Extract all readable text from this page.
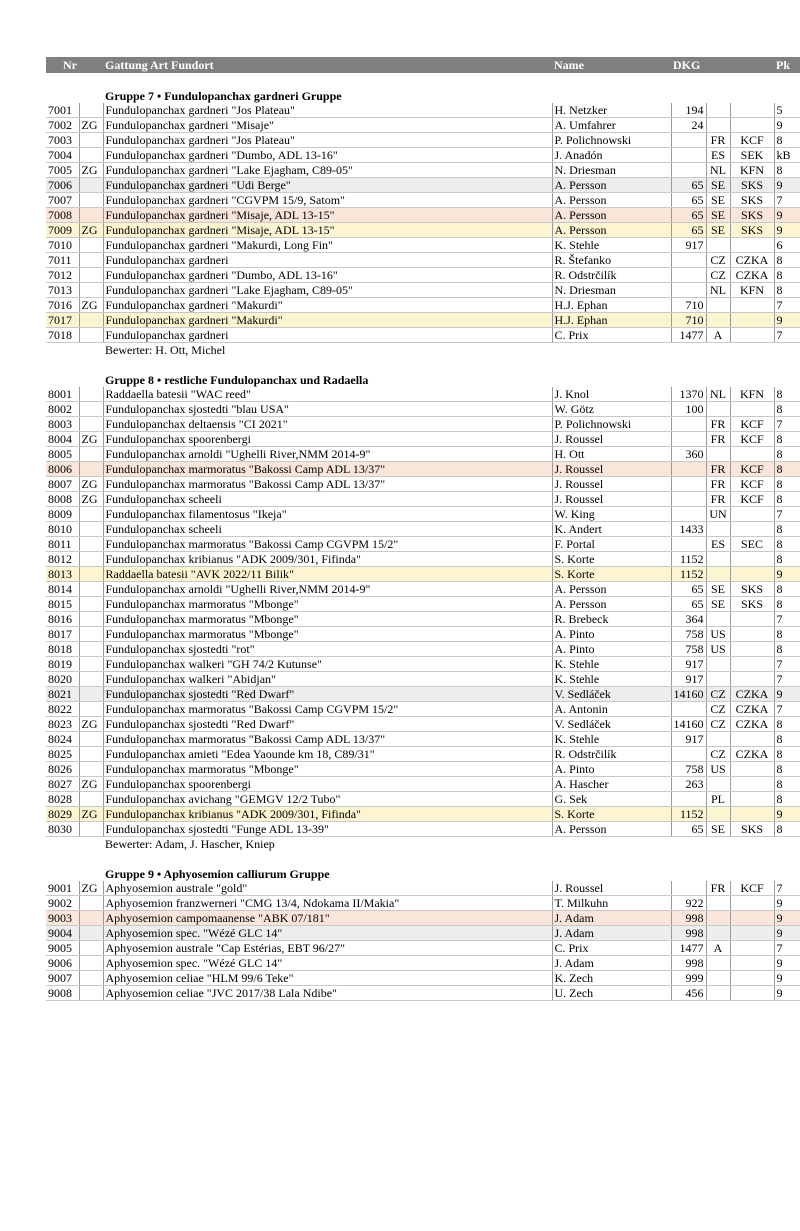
Nr		Gattung Art Fundort	Name	DKG			Pk

		Gruppe 7 • Fundulopanchax gardneri Gruppe					
7001		Fundulopanchax gardneri "Jos Plateau"	H. Netzker	194			5
7002	ZG	Fundulopanchax gardneri "Misaje"	A. Umfahrer	24			9
7003		Fundulopanchax gardneri "Jos Plateau"	P. Polichnowski		FR	KCF	8
7004		Fundulopanchax gardneri "Dumbo, ADL 13-16"	J. Anadón		ES	SEK	kB
7005	ZG	Fundulopanchax gardneri "Lake Ejagham, C89-05"	N. Driesman		NL	KFN	8
7006		Fundulopanchax gardneri "Udi Berge"	A. Persson	65	SE	SKS	9
7007		Fundulopanchax gardneri "CGVPM 15/9, Satom"	A. Persson	65	SE	SKS	7
7008		Fundulopanchax gardneri "Misaje, ADL 13-15"	A. Persson	65	SE	SKS	9
7009	ZG	Fundulopanchax gardneri "Misaje, ADL 13-15"	A. Persson	65	SE	SKS	9
7010		Fundulopanchax gardneri "Makurdi, Long Fin"	K. Stehle	917			6
7011		Fundulopanchax gardneri	R. Štefanko		CZ	CZKA	8
7012		Fundulopanchax gardneri "Dumbo, ADL 13-16"	R. Odstrčilík		CZ	CZKA	8
7013		Fundulopanchax gardneri "Lake Ejagham, C89-05"	N. Driesman		NL	KFN	8
7016	ZG	Fundulopanchax gardneri "Makurdi"	H.J. Ephan	710			7
7017		Fundulopanchax gardneri "Makurdi"	H.J. Ephan	710			9
7018		Fundulopanchax gardneri	C. Prix	1477	A		7
		Bewerter: H. Ott, Michel					

		Gruppe 8 • restliche Fundulopanchax und Radaella					
8001		Raddaella batesii "WAC reed"	J. Knol	1370	NL	KFN	8
8002		Fundulopanchax sjostedti "blau USA"	W. Götz	100			8
8003		Fundulopanchax deltaensis "CI 2021"	P. Polichnowski		FR	KCF	7
8004	ZG	Fundulopanchax spoorenbergi	J. Roussel		FR	KCF	8
8005		Fundulopanchax arnoldi "Ughelli River,NMM 2014-9"	H. Ott	360			8
8006		Fundulopanchax marmoratus "Bakossi Camp ADL 13/37"	J. Roussel		FR	KCF	8
8007	ZG	Fundulopanchax marmoratus "Bakossi Camp ADL 13/37"	J. Roussel		FR	KCF	8
8008	ZG	Fundulopanchax scheeli	J. Roussel		FR	KCF	8
8009		Fundulopanchax filamentosus "Ikeja"	W. King		UN		7
8010		Fundulopanchax scheeli	K. Andert	1433			8
8011		Fundulopanchax marmoratus "Bakossi Camp CGVPM 15/2"	F. Portal		ES	SEC	8
8012		Fundulopanchax kribianus "ADK 2009/301, Fifinda"	S. Korte	1152			8
8013		Raddaella batesii "AVK 2022/11 Bilik"	S. Korte	1152			9
8014		Fundulopanchax arnoldi "Ughelli River,NMM 2014-9"	A. Persson	65	SE	SKS	8
8015		Fundulopanchax marmoratus "Mbonge"	A. Persson	65	SE	SKS	8
8016		Fundulopanchax marmoratus "Mbonge"	R. Brebeck	364			7
8017		Fundulopanchax marmoratus "Mbonge"	A. Pinto	758	US		8
8018		Fundulopanchax sjostedti "rot"	A. Pinto	758	US		8
8019		Fundulopanchax walkeri "GH 74/2 Kutunse"	K. Stehle	917			7
8020		Fundulopanchax walkeri "Abidjan"	K. Stehle	917			7
8021		Fundulopanchax sjostedti "Red Dwarf"	V. Sedláček	14160	CZ	CZKA	9
8022		Fundulopanchax marmoratus "Bakossi Camp CGVPM 15/2"	A. Antonin		CZ	CZKA	7
8023	ZG	Fundulopanchax sjostedti "Red Dwarf"	V. Sedláček	14160	CZ	CZKA	8
8024		Fundulopanchax marmoratus "Bakossi Camp ADL 13/37"	K. Stehle	917			8
8025		Fundulopanchax amieti "Edea Yaounde km 18, C89/31"	R. Odstrčilík		CZ	CZKA	8
8026		Fundulopanchax marmoratus "Mbonge"	A. Pinto	758	US		8
8027	ZG	Fundulopanchax spoorenbergi	A. Hascher	263			8
8028		Fundulopanchax avichang "GEMGV 12/2 Tubo"	G. Sek		PL		8
8029	ZG	Fundulopanchax kribianus "ADK 2009/301, Fifinda"	S. Korte	1152			9
8030		Fundulopanchax sjostedti "Funge ADL 13-39"	A. Persson	65	SE	SKS	8
		Bewerter: Adam, J. Hascher, Kniep					

		Gruppe 9 • Aphyosemion calliurum Gruppe					
9001	ZG	Aphyosemion australe "gold"	J. Roussel		FR	KCF	7
9002		Aphyosemion franzwerneri "CMG 13/4, Ndokama II/Makia"	T. Milkuhn	922			9
9003		Aphyosemion campomaanense "ABK 07/181"	J. Adam	998			9
9004		Aphyosemion spec. "Wézé GLC 14"	J. Adam	998			9
9005		Aphyosemion australe "Cap Estérias, EBT 96/27"	C. Prix	1477	A		7
9006		Aphyosemion spec. "Wézé GLC 14"	J. Adam	998			9
9007		Aphyosemion celiae "HLM 99/6 Teke"	K. Zech	999			9
9008		Aphyosemion celiae "JVC 2017/38 Lala Ndibe"	U. Zech	456			9
